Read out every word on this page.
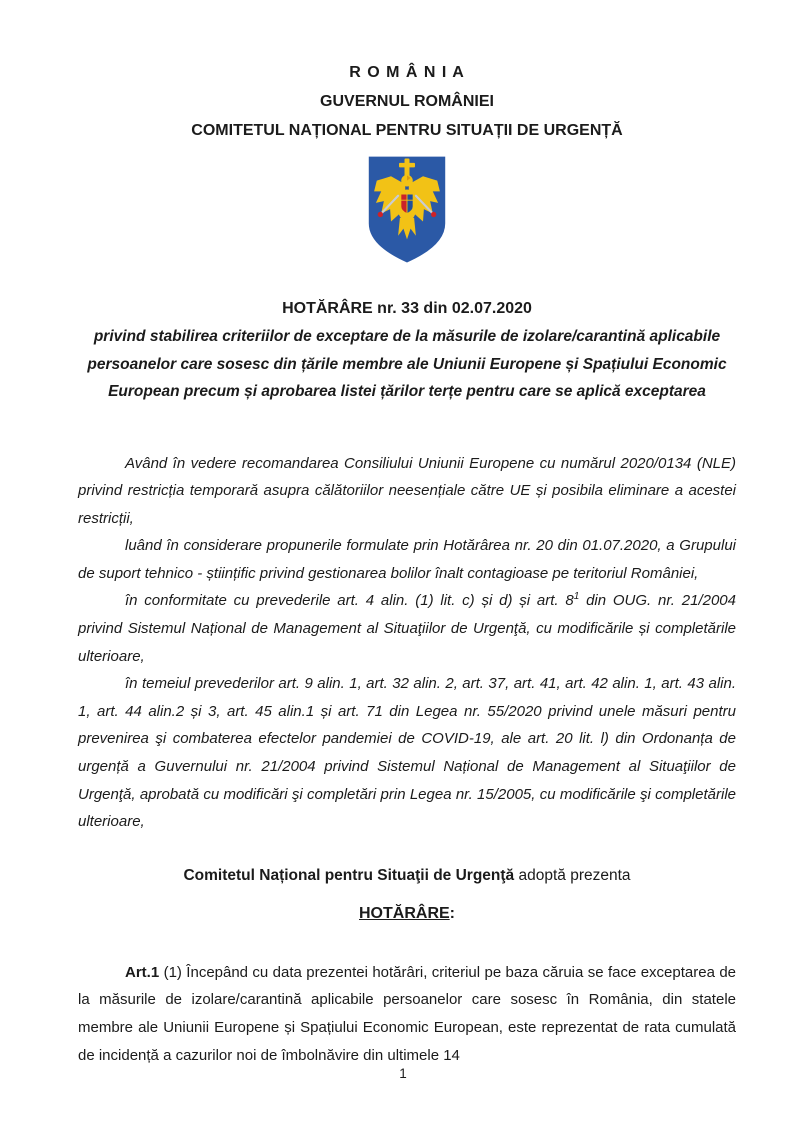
R O M Â N I A
GUVERNUL ROMÂNIEI
COMITETUL NAȚIONAL PENTRU SITUAȚII DE URGENȚĂ
HOTĂRÂRE nr. 33 din 02.07.2020
privind stabilirea criteriilor de exceptare de la măsurile de izolare/carantină aplicabile persoanelor care sosesc din țările membre ale Uniunii Europene și Spațiului Economic European precum și aprobarea listei țărilor terțe pentru care se aplică exceptarea

Având în vedere recomandarea Consiliului Uniunii Europene cu numărul 2020/0134 (NLE) privind restricția temporară asupra călătoriilor neesențiale către UE și posibila eliminare a acestei restricții,

luând în considerare propunerile formulate prin Hotărârea nr. 20 din 01.07.2020, a Grupului de suport tehnico - științific privind gestionarea bolilor înalt contagioase pe teritoriul României,

în conformitate cu prevederile art. 4 alin. (1) lit. c) și d) și art. $8^1$ din OUG. nr. 21/2004 privind Sistemul Național de Management al Situaţiilor de Urgenţă, cu modificările și completările ulterioare,

în temeiul prevederilor art. 9 alin. 1, art. 32 alin. 2, art. 37, art. 41, art. 42 alin. 1, art. 43 alin. 1, art. 44 alin.2 și 3, art. 45 alin.1 și art. 71 din Legea nr. 55/2020 privind unele măsuri pentru prevenirea şi combaterea efectelor pandemiei de COVID-19, ale art. 20 lit. l) din Ordonanța de urgență a Guvernului nr. 21/2004 privind Sistemul Național de Management al Situaţiilor de Urgenţă, aprobată cu modificări şi completări prin Legea nr. 15/2005, cu modificările şi completările ulterioare,

Comitetul Național pentru Situaţii de Urgenţă adoptă prezenta

HOTĂRÂRE:

Art.1 (1) Începând cu data prezentei hotărâri, criteriul pe baza căruia se face exceptarea de la măsurile de izolare/carantină aplicabile persoanelor care sosesc în România, din statele membre ale Uniunii Europene și Spațiului Economic European, este reprezentat de rata cumulată de incidență a cazurilor noi de îmbolnăvire din ultimele 14

1
